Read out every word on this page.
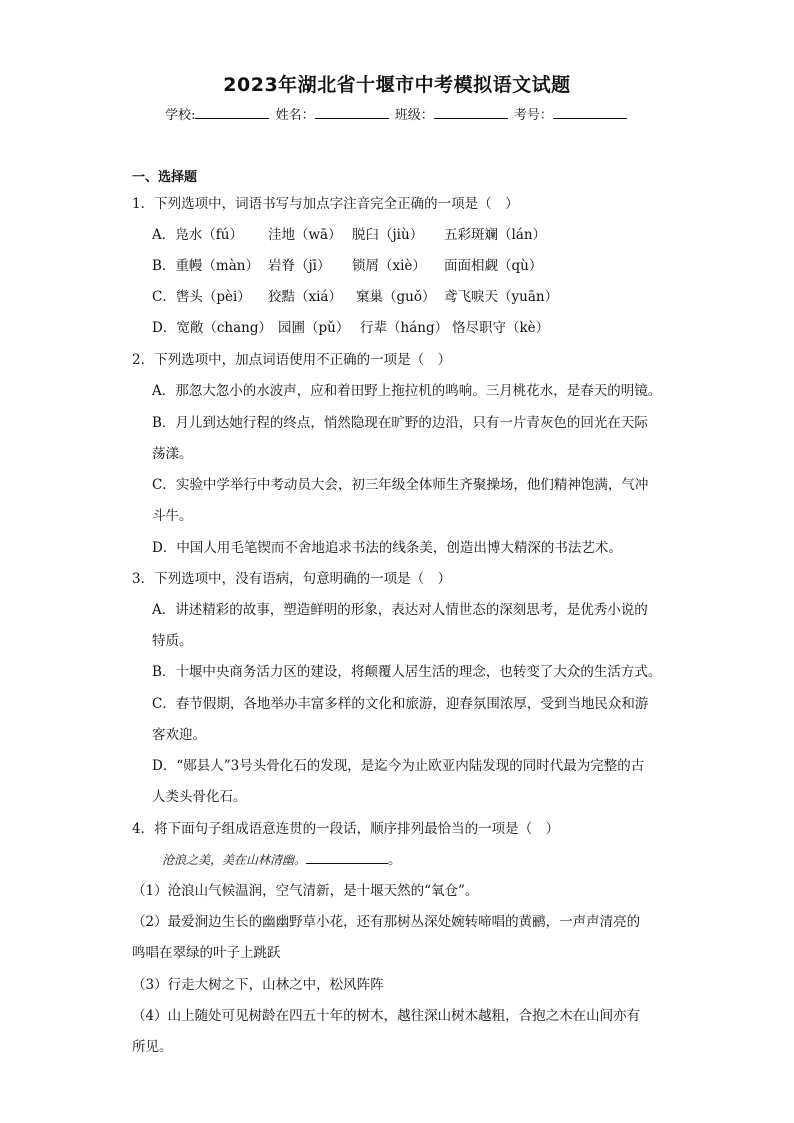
2023年湖北省十堰市中考模拟语文试题
学校:	姓名：	班级：	考号：
一、选择题
1．下列选项中，词语书写与加点字注音完全正确的一项是（　）
A．凫水（fú） 洼地（wā） 脱臼（jiù） 五彩斑斓（lán）
B．重幔（màn） 岩脊（jī） 锁屑（xiè） 面面相觑（qù）
C．辔头（pèi） 狡黠（xiá） 窠巢（guǒ） 鸢飞唳天（yuān）
D．宽敞（chang） 园圃（pǔ） 行辈（háng） 恪尽职守（kè）
2．下列选项中，加点词语使用不正确的一项是（　）
A．那忽大忽小的水波声，应和着田野上拖拉机的鸣响。三月桃花水，是春天的明镜。
B．月儿到达她行程的终点，悄然隐现在旷野的边沿，只有一片青灰色的回光在天际
荡漾。
C．实验中学举行中考动员大会，初三年级全体师生齐聚操场，他们精神饱满，气冲
斗牛。
D．中国人用毛笔锲而不舍地追求书法的线条美，创造出博大精深的书法艺术。
3．下列选项中，没有语病，句意明确的一项是（　）
A．讲述精彩的故事，塑造鲜明的形象，表达对人情世态的深刻思考，是优秀小说的
特质。
B．十堰中央商务活力区的建设，将颠覆人居生活的理念，也转变了大众的生活方式。
C．春节假期，各地举办丰富多样的文化和旅游，迎春氛围浓厚，受到当地民众和游
客欢迎。
D．“郧县人”3号头骨化石的发现，是迄今为止欧亚内陆发现的同时代最为完整的古
人类头骨化石。
4．将下面句子组成语意连贯的一段话，顺序排列最恰当的一项是（　）
沧浪之美，美在山林清幽。	。
（1）沧浪山气候温润，空气清新，是十堰天然的“氧仓”。
（2）最爱涧边生长的幽幽野草小花，还有那树丛深处婉转啼唱的黄鹂，一声声清亮的
鸣唱在翠绿的叶子上跳跃
（3）行走大树之下，山林之中，松风阵阵
（4）山上随处可见树龄在四五十年的树木，越往深山树木越粗，合抱之木在山间亦有
所见。
